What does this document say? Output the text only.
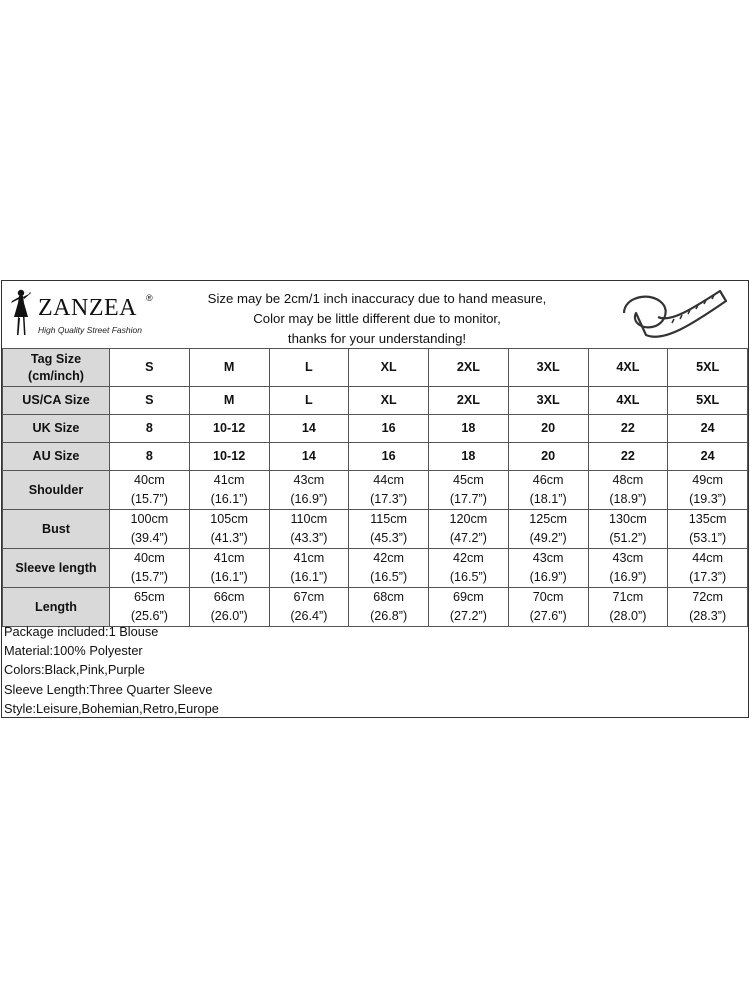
ZANZEA ®
High Quality Street Fashion
Size may be 2cm/1 inch inaccuracy due to hand measure,
Color may be little different due to monitor,
thanks for your understanding!
Tag Size
(cm/inch)	S	M	L	XL	2XL	3XL	4XL	5XL

US/CA Size	S	M	L	XL	2XL	3XL	4XL	5XL

UK Size	8	10-12	14	16	18	20	22	24

AU Size	8	10-12	14	16	18	20	22	24

Shoulder	40cm
(15.7”)	41cm
(16.1”)	43cm
(16.9”)	44cm
(17.3”)	45cm
(17.7”)	46cm
(18.1”)	48cm
(18.9”)	49cm
(19.3”)

Bust	100cm
(39.4”)	105cm
(41.3”)	110cm
(43.3”)	115cm
(45.3”)	120cm
(47.2”)	125cm
(49.2”)	130cm
(51.2”)	135cm
(53.1”)

Sleeve length	40cm
(15.7”)	41cm
(16.1”)	41cm
(16.1”)	42cm
(16.5”)	42cm
(16.5”)	43cm
(16.9”)	43cm
(16.9”)	44cm
(17.3”)

Length	65cm
(25.6”)	66cm
(26.0”)	67cm
(26.4”)	68cm
(26.8”)	69cm
(27.2”)	70cm
(27.6”)	71cm
(28.0”)	72cm
(28.3”)
Package included:1 Blouse
Material:100% Polyester
Colors:Black,Pink,Purple
Sleeve Length:Three Quarter Sleeve
Style:Leisure,Bohemian,Retro,Europe
